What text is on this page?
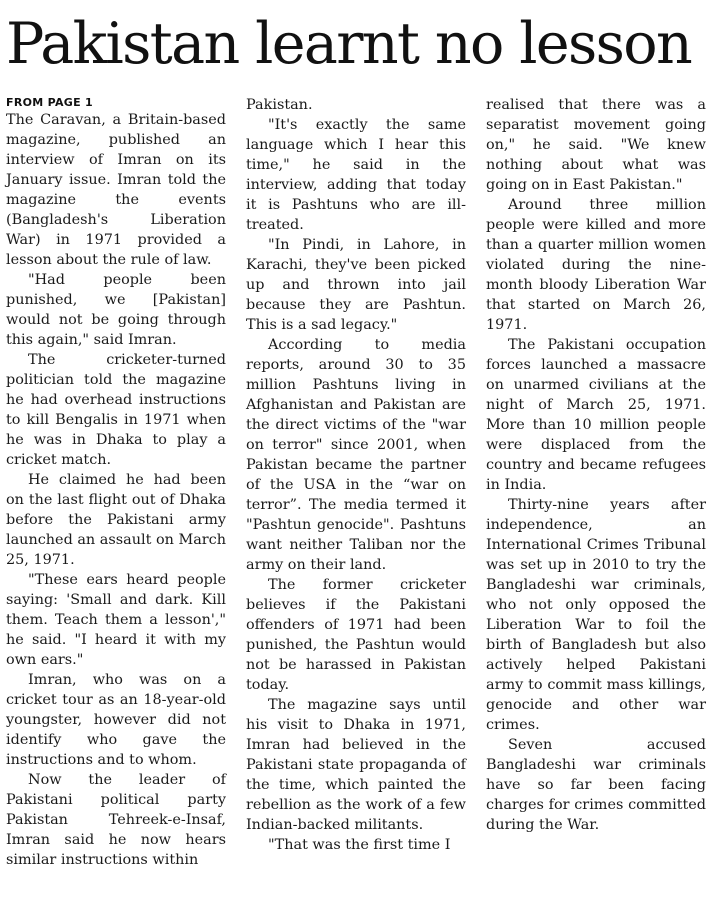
Pakistan learnt no lesson
FROM PAGE 1

The Caravan, a Britain-based magazine, published an interview of Imran on its January issue. Imran told the magazine the events (Bangladesh's Liberation War) in 1971 provided a lesson about the rule of law.

"Had people been punished, we [Pakistan] would not be going through this again," said Imran.

The cricketer-turned politician told the magazine he had overhead instructions to kill Bengalis in 1971 when he was in Dhaka to play a cricket match.

He claimed he had been on the last flight out of Dhaka before the Pakistani army launched an assault on March 25, 1971.

"These ears heard people saying: 'Small and dark. Kill them. Teach them a lesson'," he said. "I heard it with my own ears."

Imran, who was on a cricket tour as an 18-year-old youngster, however did not identify who gave the instructions and to whom.

Now the leader of Pakistani political party Pakistan Tehreek-e-Insaf, Imran said he now hears similar instructions within

Pakistan.

"It's exactly the same language which I hear this time," he said in the interview, adding that today it is Pashtuns who are ill-treated.

"In Pindi, in Lahore, in Karachi, they've been picked up and thrown into jail because they are Pashtun. This is a sad legacy."

According to media reports, around 30 to 35 million Pashtuns living in Afghanistan and Pakistan are the direct victims of the "war on terror" since 2001, when Pakistan became the partner of the USA in the “war on terror”. The media termed it "Pashtun genocide". Pashtuns want neither Taliban nor the army on their land.

The former cricketer believes if the Pakistani offenders of 1971 had been punished, the Pashtun would not be harassed in Pakistan today.

The magazine says until his visit to Dhaka in 1971, Imran had believed in the Pakistani state propaganda of the time, which painted the rebellion as the work of a few Indian-backed militants.

"That was the first time I

realised that there was a separatist movement going on," he said. "We knew nothing about what was going on in East Pakistan."

Around three million people were killed and more than a quarter million women violated during the nine-month bloody Liberation War that started on March 26, 1971.

The Pakistani occupation forces launched a massacre on unarmed civilians at the night of March 25, 1971. More than 10 million people were displaced from the country and became refugees in India.

Thirty-nine years after independence, an International Crimes Tribunal was set up in 2010 to try the Bangladeshi war criminals, who not only opposed the Liberation War to foil the birth of Bangladesh but also actively helped Pakistani army to commit mass killings, genocide and other war crimes.

Seven accused Bangladeshi war criminals have so far been facing charges for crimes committed during the War.
